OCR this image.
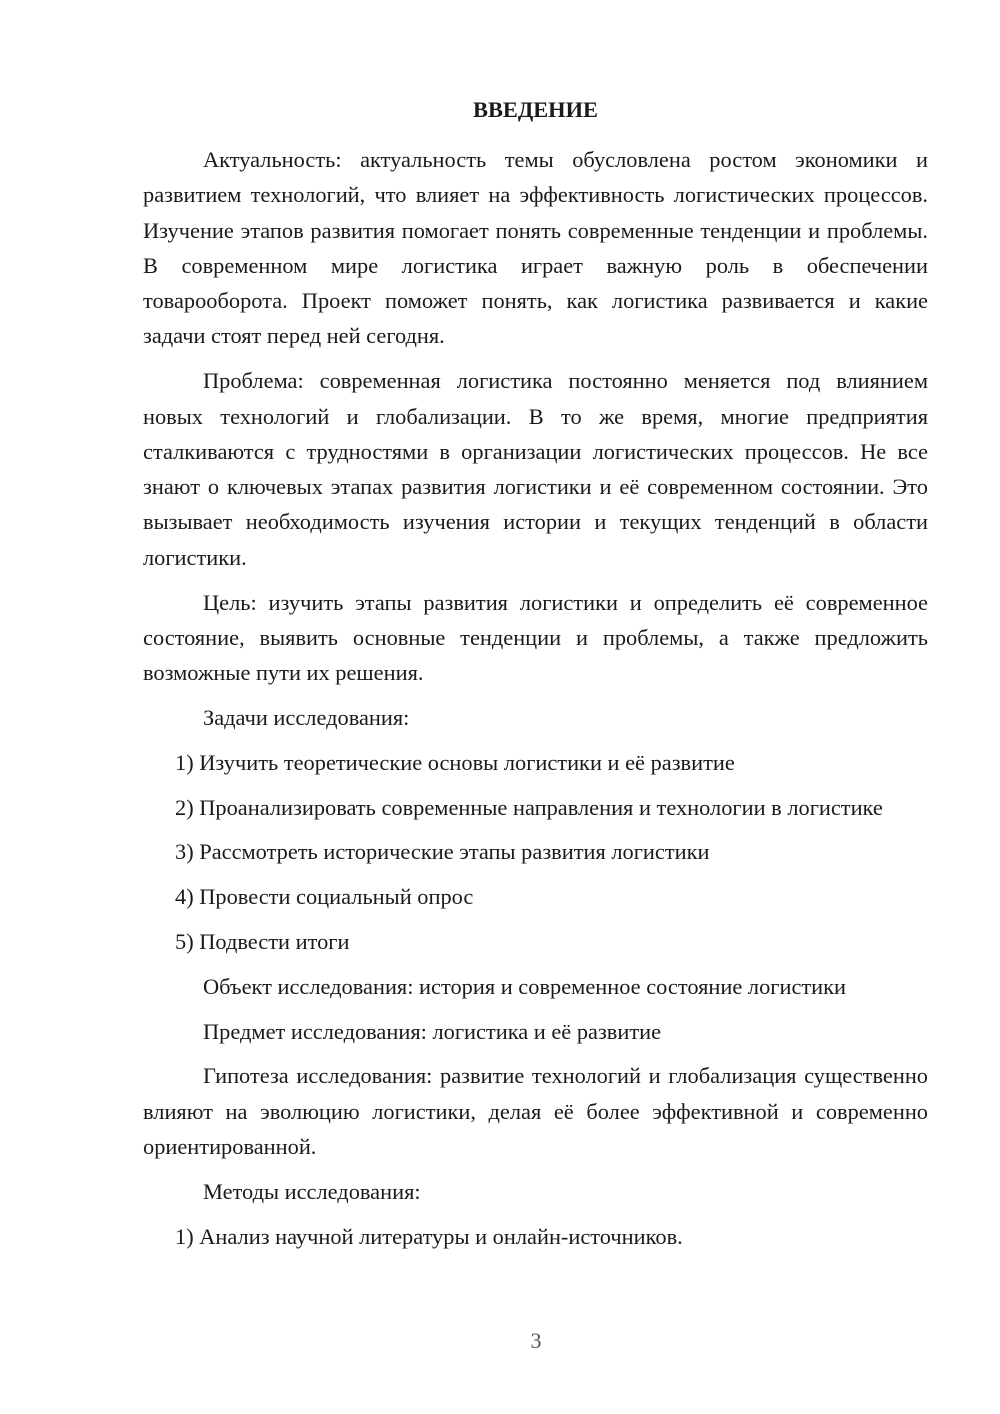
ВВЕДЕНИЕ

Актуальность: актуальность темы обусловлена ростом экономики и развитием технологий, что влияет на эффективность логистических процессов. Изучение этапов развития помогает понять современные тенденции и проблемы. В современном мире логистика играет важную роль в обеспечении товарооборота. Проект поможет понять, как логистика развивается и какие задачи стоят перед ней сегодня.

Проблема: современная логистика постоянно меняется под влиянием новых технологий и глобализации. В то же время, многие предприятия сталкиваются с трудностями в организации логистических процессов. Не все знают о ключевых этапах развития логистики и её современном состоянии. Это вызывает необходимость изучения истории и текущих тенденций в области логистики.

Цель: изучить этапы развития логистики и определить её современное состояние, выявить основные тенденции и проблемы, а также предложить возможные пути их решения.

Задачи исследования:

1) Изучить теоретические основы логистики и её развитие

2) Проанализировать современные направления и технологии в логистике

3) Рассмотреть исторические этапы развития логистики

4) Провести социальный опрос

5) Подвести итоги

Объект исследования: история и современное состояние логистики

Предмет исследования: логистика и её развитие

Гипотеза исследования: развитие технологий и глобализация существенно влияют на эволюцию логистики, делая её более эффективной и современно ориентированной.

Методы исследования:

1) Анализ научной литературы и онлайн-источников.

3
